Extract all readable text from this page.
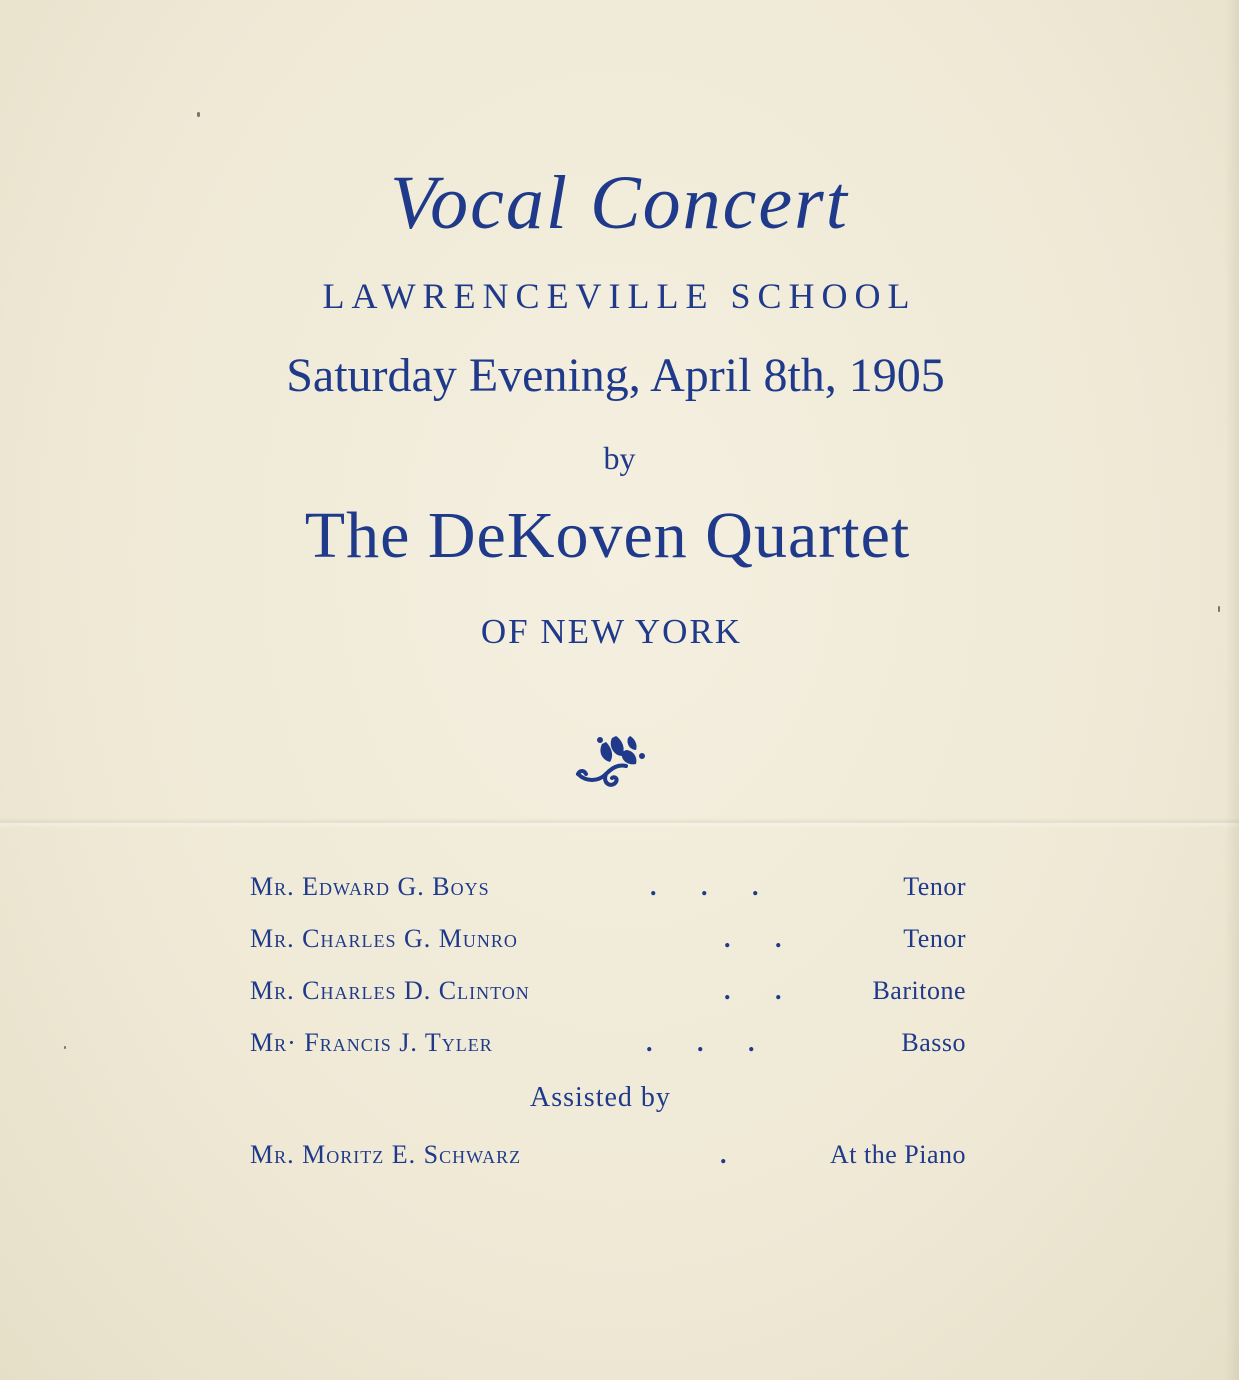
Vocal Concert
LAWRENCEVILLE SCHOOL
Saturday Evening, April 8th, 1905
by
The DeKoven Quartet
OF NEW YORK
Mr. Edward G. Boys	. . .	Tenor
Mr. Charles G. Munro	. .	Tenor
Mr. Charles D. Clinton	. .	Baritone
Mr· Francis J. Tyler	. . .	Basso
Assisted by
Mr. Moritz E. Schwarz	.	At the Piano
